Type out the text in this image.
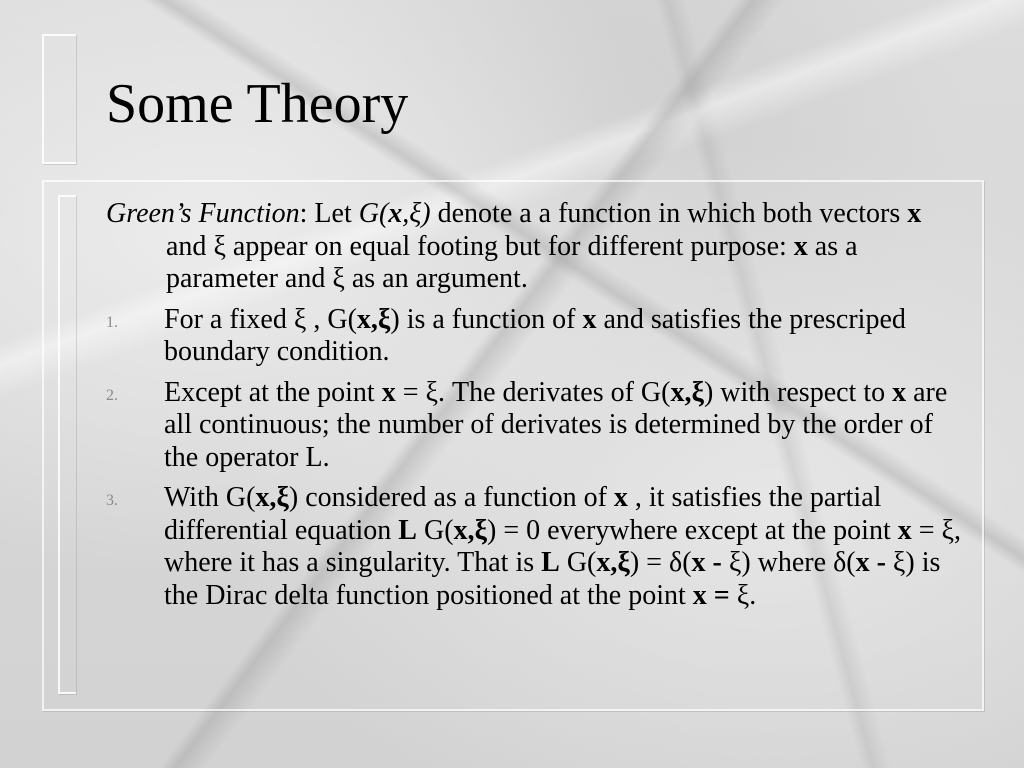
Some Theory

Green’s Function: Let G(x,ξ) denote a a function in which both vectors x and ξ appear on equal footing but for different purpose: x as a parameter and ξ as an argument.

1. For a fixed ξ , G(x,ξ) is a function of x and satisfies the prescriped boundary condition.
2. Except at the point x = ξ. The derivates of G(x,ξ) with respect to x are all continuous; the number of derivates is determined by the order of the operator L.
3. With G(x,ξ) considered as a function of x , it satisfies the partial differential equation L G(x,ξ) = 0 everywhere except at the point x = ξ, where it has a singularity. That is L G(x,ξ) = δ(x - ξ) where δ(x - ξ) is the Dirac delta function positioned at the point x = ξ.
